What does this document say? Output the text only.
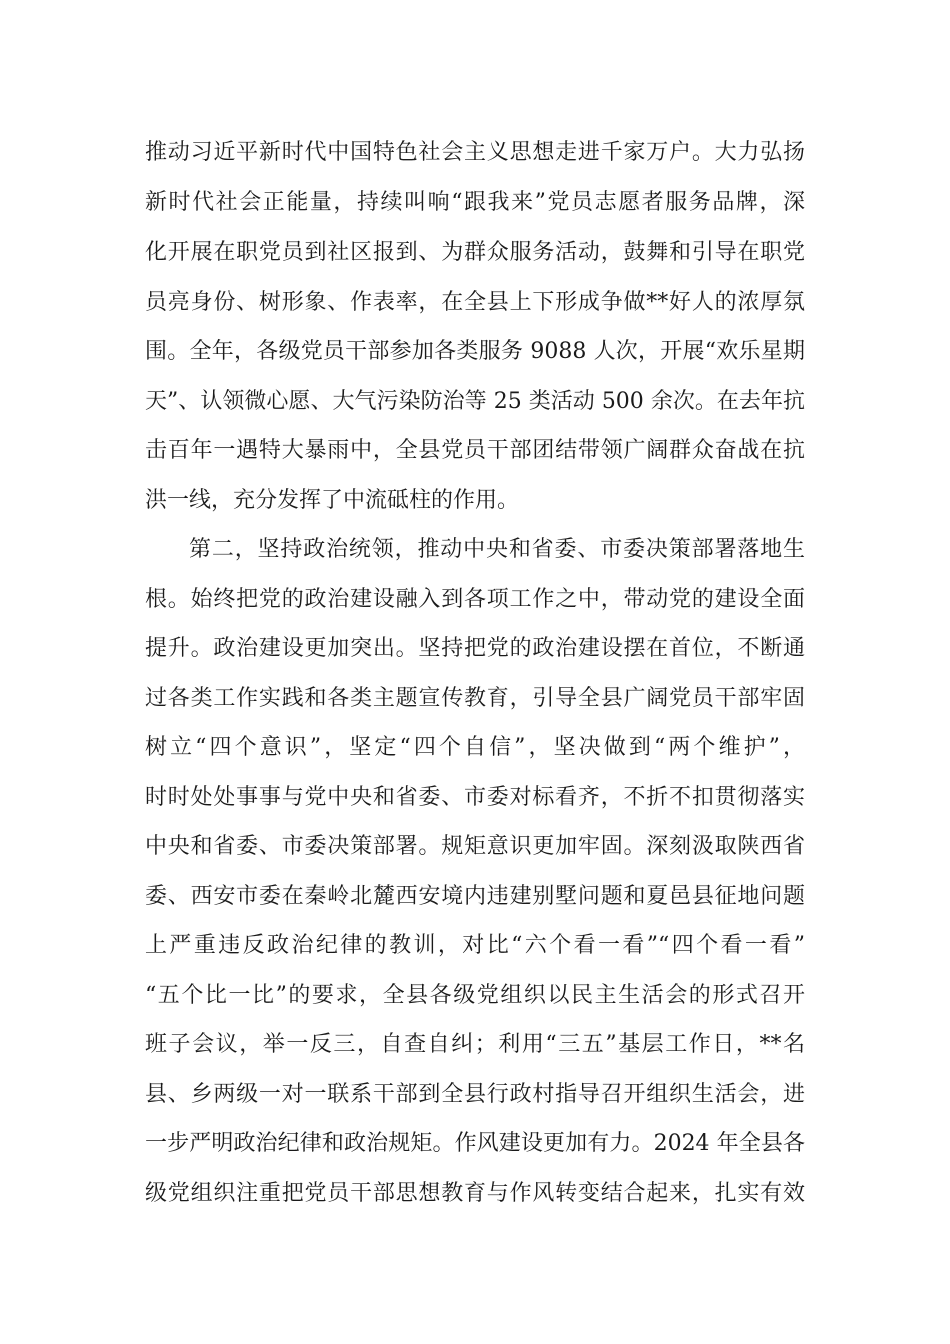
推动习近平新时代中国特色社会主义思想走进千家万户。大力弘扬
新时代社会正能量，持续叫响“跟我来”党员志愿者服务品牌，深
化开展在职党员到社区报到、为群众服务活动，鼓舞和引导在职党
员亮身份、树形象、作表率，在全县上下形成争做**好人的浓厚氛
围。全年，各级党员干部参加各类服务 9088 人次，开展“欢乐星期
天”、认领微心愿、大气污染防治等 25 类活动 500 余次。在去年抗
击百年一遇特大暴雨中，全县党员干部团结带领广阔群众奋战在抗
洪一线，充分发挥了中流砥柱的作用。
第二，坚持政治统领，推动中央和省委、市委决策部署落地生
根。始终把党的政治建设融入到各项工作之中，带动党的建设全面
提升。政治建设更加突出。坚持把党的政治建设摆在首位，不断通
过各类工作实践和各类主题宣传教育，引导全县广阔党员干部牢固
树立“四个意识”，坚定“四个自信”，坚决做到“两个维护”，
时时处处事事与党中央和省委、市委对标看齐，不折不扣贯彻落实
中央和省委、市委决策部署。规矩意识更加牢固。深刻汲取陕西省
委、西安市委在秦岭北麓西安境内违建别墅问题和夏邑县征地问题
上严重违反政治纪律的教训，对比“六个看一看”“四个看一看”
“五个比一比”的要求，全县各级党组织以民主生活会的形式召开
班子会议，举一反三，自查自纠；利用“三五”基层工作日，**名
县、乡两级一对一联系干部到全县行政村指导召开组织生活会，进
一步严明政治纪律和政治规矩。作风建设更加有力。2024 年全县各
级党组织注重把党员干部思想教育与作风转变结合起来，扎实有效
